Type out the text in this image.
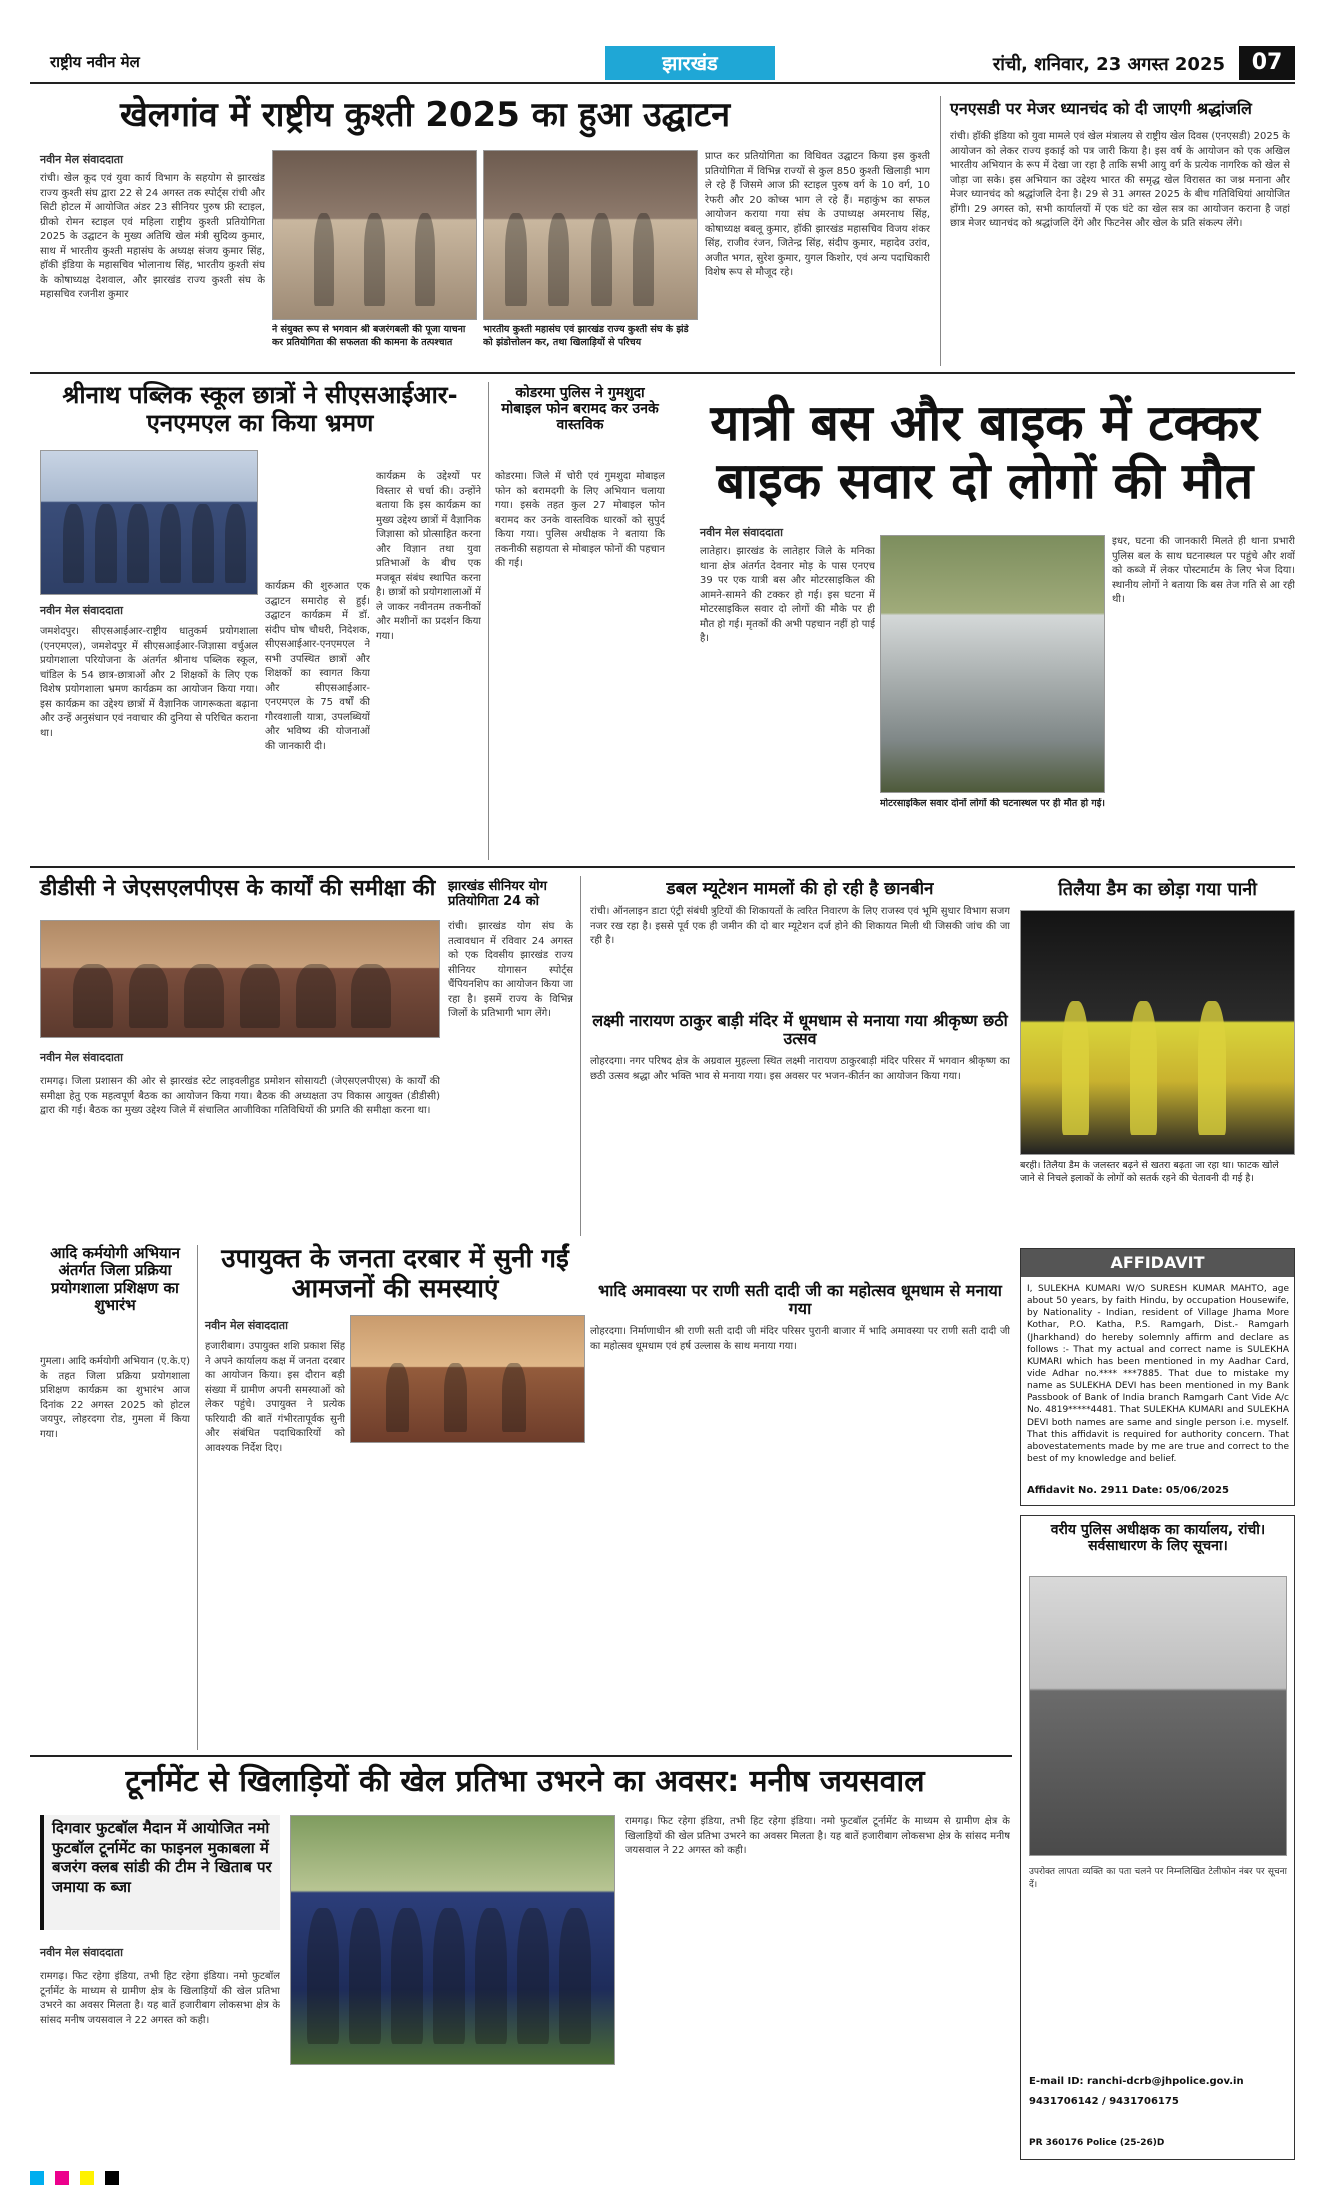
राष्ट्रीय नवीन मेल	झारखंड	रांची, शनिवार, 23 अगस्त 2025	07
खेलगांव में राष्ट्रीय कुश्ती 2025 का हुआ उद्घाटन
नवीन मेल संवाददाता
रांची। खेल कूद एवं युवा कार्य विभाग के सहयोग से झारखंड राज्य कुश्ती संघ द्वारा 22 से 24 अगस्त तक स्पोर्ट्स रांची और सिटी होटल में आयोजित अंडर 23 सीनियर पुरुष फ्री स्टाइल, ग्रीको रोमन स्टाइल एवं महिला राष्ट्रीय कुश्ती प्रतियोगिता 2025 के उद्घाटन के मुख्य अतिथि खेल मंत्री सुदिव्य कुमार, साथ में भारतीय कुश्ती महासंघ के अध्यक्ष संजय कुमार सिंह, हॉकी इंडिया के महासचिव भोलानाथ सिंह, भारतीय कुश्ती संघ के कोषाध्यक्ष देशवाल, और झारखंड राज्य कुश्ती संघ के महासचिव रजनीश कुमार
ने संयुक्त रूप से भगवान श्री बजरंगबली की पूजा याचना कर प्रतियोगिता की सफलता की कामना के तत्पश्चात
भारतीय कुश्ती महासंघ एवं झारखंड राज्य कुश्ती संघ के झंडे को झंडोत्तोलन कर, तथा खिलाड़ियों से परिचय
प्राप्त कर प्रतियोगिता का विधिवत उद्घाटन किया इस कुश्ती प्रतियोगिता में विभिन्न राज्यों से कुल 850 कुश्ती खिलाड़ी भाग ले रहे हैं जिसमे आज फ्री स्टाइल पुरुष वर्ग के 10 वर्ग, 10 रेफरी और 20 कोच्स भाग ले रहे हैं। महाकुंभ का सफल आयोजन कराया गया संघ के उपाध्यक्ष अमरनाथ सिंह, कोषाध्यक्ष बबलू कुमार, हॉकी झारखंड महासचिव विजय शंकर सिंह, राजीव रंजन, जितेन्द्र सिंह, संदीप कुमार, महादेव उरांव, अजीत भगत, सुरेश कुमार, युगल किशोर, एवं अन्य पदाधिकारी विशेष रूप से मौजूद रहे।
एनएसडी पर मेजर ध्यानचंद को दी जाएगी श्रद्धांजलि
रांची। हॉकी इंडिया को युवा मामले एवं खेल मंत्रालय से राष्ट्रीय खेल दिवस (एनएसडी) 2025 के आयोजन को लेकर राज्य इकाई को पत्र जारी किया है। इस वर्ष के आयोजन को एक अखिल भारतीय अभियान के रूप में देखा जा रहा है ताकि सभी आयु वर्ग के प्रत्येक नागरिक को खेल से जोड़ा जा सके। इस अभियान का उद्देश्य भारत की समृद्ध खेल विरासत का जश्न मनाना और मेजर ध्यानचंद को श्रद्धांजलि देना है। 29 से 31 अगस्त 2025 के बीच गतिविधियां आयोजित होंगी। 29 अगस्त को, सभी कार्यालयों में एक घंटे का खेल सत्र का आयोजन कराना है जहां छात्र मेजर ध्यानचंद को श्रद्धांजलि देंगे और फिटनेस और खेल के प्रति संकल्प लेंगे।
श्रीनाथ पब्लिक स्कूल छात्रों ने सीएसआईआर-एनएमएल का किया भ्रमण
नवीन मेल संवाददाता
जमशेदपुर। सीएसआईआर-राष्ट्रीय धातुकर्म प्रयोगशाला (एनएमएल), जमशेदपुर में सीएसआईआर-जिज्ञासा वर्चुअल प्रयोगशाला परियोजना के अंतर्गत श्रीनाथ पब्लिक स्कूल, चांडिल के 54 छात्र-छात्राओं और 2 शिक्षकों के लिए एक विशेष प्रयोगशाला भ्रमण कार्यक्रम का आयोजन किया गया। इस कार्यक्रम का उद्देश्य छात्रों में वैज्ञानिक जागरूकता बढ़ाना और उन्हें अनुसंधान एवं नवाचार की दुनिया से परिचित कराना था।
कार्यक्रम की शुरुआत एक उद्घाटन समारोह से हुई। उद्घाटन कार्यक्रम में डॉ. संदीप घोष चौधरी, निदेशक, सीएसआईआर-एनएमएल ने सभी उपस्थित छात्रों और शिक्षकों का स्वागत किया और सीएसआईआर-एनएमएल के 75 वर्षों की गौरवशाली यात्रा, उपलब्धियों और भविष्य की योजनाओं की जानकारी दी।
कार्यक्रम के उद्देश्यों पर विस्तार से चर्चा की। उन्होंने बताया कि इस कार्यक्रम का मुख्य उद्देश्य छात्रों में वैज्ञानिक जिज्ञासा को प्रोत्साहित करना और विज्ञान तथा युवा प्रतिभाओं के बीच एक मजबूत संबंध स्थापित करना है। छात्रों को प्रयोगशालाओं में ले जाकर नवीनतम तकनीकों और मशीनों का प्रदर्शन किया गया।
कोडरमा पुलिस ने गुमशुदा मोबाइल फोन बरामद कर उनके वास्तविक
कोडरमा। जिले में चोरी एवं गुमशुदा मोबाइल फोन को बरामदगी के लिए अभियान चलाया गया। इसके तहत कुल 27 मोबाइल फोन बरामद कर उनके वास्तविक धारकों को सुपुर्द किया गया। पुलिस अधीक्षक ने बताया कि तकनीकी सहायता से मोबाइल फोनों की पहचान की गई।
यात्री बस और बाइक में टक्कर बाइक सवार दो लोगों की मौत
नवीन मेल संवाददाता
लातेहार। झारखंड के लातेहार जिले के मनिका थाना क्षेत्र अंतर्गत देवनार मोड़ के पास एनएच 39 पर एक यात्री बस और मोटरसाइकिल की आमने-सामने की टक्कर हो गई। इस घटना में मोटरसाइकिल सवार दो लोगों की मौके पर ही मौत हो गई। मृतकों की अभी पहचान नहीं हो पाई है।
मोटरसाइकिल सवार दोनों लोगों की घटनास्थल पर ही मौत हो गई।
इधर, घटना की जानकारी मिलते ही थाना प्रभारी पुलिस बल के साथ घटनास्थल पर पहुंचे और शवों को कब्जे में लेकर पोस्टमार्टम के लिए भेज दिया। स्थानीय लोगों ने बताया कि बस तेज गति से आ रही थी।
डीडीसी ने जेएसएलपीएस के कार्यों की समीक्षा की
नवीन मेल संवाददाता
रामगढ़। जिला प्रशासन की ओर से झारखंड स्टेट लाइवलीहुड प्रमोशन सोसायटी (जेएसएलपीएस) के कार्यों की समीक्षा हेतु एक महत्वपूर्ण बैठक का आयोजन किया गया। बैठक की अध्यक्षता उप विकास आयुक्त (डीडीसी) द्वारा की गई। बैठक का मुख्य उद्देश्य जिले में संचालित आजीविका गतिविधियों की प्रगति की समीक्षा करना था।
झारखंड सीनियर योग प्रतियोगिता 24 को
रांची। झारखंड योग संघ के तत्वावधान में रविवार 24 अगस्त को एक दिवसीय झारखंड राज्य सीनियर योगासन स्पोर्ट्स चैंपियनशिप का आयोजन किया जा रहा है। इसमें राज्य के विभिन्न जिलों के प्रतिभागी भाग लेंगे।
डबल म्यूटेशन मामलों की हो रही है छानबीन
रांची। ऑनलाइन डाटा एंट्री संबंधी त्रुटियों की शिकायतों के त्वरित निवारण के लिए राजस्व एवं भूमि सुधार विभाग सजग नजर रख रहा है। इससे पूर्व एक ही जमीन की दो बार म्यूटेशन दर्ज होने की शिकायत मिली थी जिसकी जांच की जा रही है।
तिलैया डैम का छोड़ा गया पानी
बरही। तिलैया डैम के जलस्तर बढ़ने से खतरा बढ़ता जा रहा था। फाटक खोले जाने से निचले इलाकों के लोगों को सतर्क रहने की चेतावनी दी गई है।
लक्ष्मी नारायण ठाकुर बाड़ी मंदिर में धूमधाम से मनाया गया श्रीकृष्ण छठी उत्सव
लोहरदगा। नगर परिषद क्षेत्र के अग्रवाल मुहल्ला स्थित लक्ष्मी नारायण ठाकुरबाड़ी मंदिर परिसर में भगवान श्रीकृष्ण का छठी उत्सव श्रद्धा और भक्ति भाव से मनाया गया। इस अवसर पर भजन-कीर्तन का आयोजन किया गया।
आदि कर्मयोगी अभियान अंतर्गत जिला प्रक्रिया प्रयोगशाला प्रशिक्षण का शुभारंभ
गुमला। आदि कर्मयोगी अभियान (ए.के.ए) के तहत जिला प्रक्रिया प्रयोगशाला प्रशिक्षण कार्यक्रम का शुभारंभ आज दिनांक 22 अगस्त 2025 को होटल जयपुर, लोहरदगा रोड, गुमला में किया गया।
उपायुक्त के जनता दरबार में सुनी गईं आमजनों की समस्याएं
नवीन मेल संवाददाता
हजारीबाग। उपायुक्त शशि प्रकाश सिंह ने अपने कार्यालय कक्ष में जनता दरबार का आयोजन किया। इस दौरान बड़ी संख्या में ग्रामीण अपनी समस्याओं को लेकर पहुंचे। उपायुक्त ने प्रत्येक फरियादी की बातें गंभीरतापूर्वक सुनी और संबंधित पदाधिकारियों को आवश्यक निर्देश दिए।
भादि अमावस्या पर राणी सती दादी जी का महोत्सव धूमधाम से मनाया गया
लोहरदगा। निर्माणाधीन श्री राणी सती दादी जी मंदिर परिसर पुरानी बाजार में भादि अमावस्या पर राणी सती दादी जी का महोत्सव धूमधाम एवं हर्ष उल्लास के साथ मनाया गया।
AFFIDAVIT
I, SULEKHA KUMARI W/O SURESH KUMAR MAHTO, age about 50 years, by faith Hindu, by occupation Housewife, by Nationality - Indian, resident of Village Jhama More Kothar, P.O. Katha, P.S. Ramgarh, Dist.- Ramgarh (Jharkhand) do hereby solemnly affirm and declare as follows :- That my actual and correct name is SULEKHA KUMARI which has been mentioned in my Aadhar Card, vide Adhar no.**** ***7885. That due to mistake my name as SULEKHA DEVI has been mentioned in my Bank Passbook of Bank of India branch Ramgarh Cant Vide A/c No. 4819*****4481. That SULEKHA KUMARI and SULEKHA DEVI both names are same and single person i.e. myself. That this affidavit is required for authority concern. That abovestatements made by me are true and correct to the best of my knowledge and belief.
Affidavit No. 2911 Date: 05/06/2025
वरीय पुलिस अधीक्षक का कार्यालय, रांची। सर्वसाधारण के लिए सूचना।
उपरोक्त लापता व्यक्ति का पता चलने पर निम्नलिखित टेलीफोन नंबर पर सूचना दें।
E-mail ID: ranchi-dcrb@jhpolice.gov.in
9431706142 / 9431706175
PR 360176 Police (25-26)D
टूर्नामेंट से खिलाड़ियों की खेल प्रतिभा उभरने का अवसर: मनीष जयसवाल
दिगवार फुटबॉल मैदान में आयोजित नमो फुटबॉल टूर्नामेंट का फाइनल मुकाबला में बजरंग क्लब सांडी की टीम ने खिताब पर जमाया क ब्जा
नवीन मेल संवाददाता
रामगढ़। फिट रहेगा इंडिया, तभी हिट रहेगा इंडिया। नमो फुटबॉल टूर्नामेंट के माध्यम से ग्रामीण क्षेत्र के खिलाड़ियों की खेल प्रतिभा उभरने का अवसर मिलता है। यह बातें हजारीबाग लोकसभा क्षेत्र के सांसद मनीष जयसवाल ने 22 अगस्त को कही।
रामगढ़। फिट रहेगा इंडिया, तभी हिट रहेगा इंडिया। नमो फुटबॉल टूर्नामेंट के माध्यम से ग्रामीण क्षेत्र के खिलाड़ियों की खेल प्रतिभा उभरने का अवसर मिलता है। यह बातें हजारीबाग लोकसभा क्षेत्र के सांसद मनीष जयसवाल ने 22 अगस्त को कही।
